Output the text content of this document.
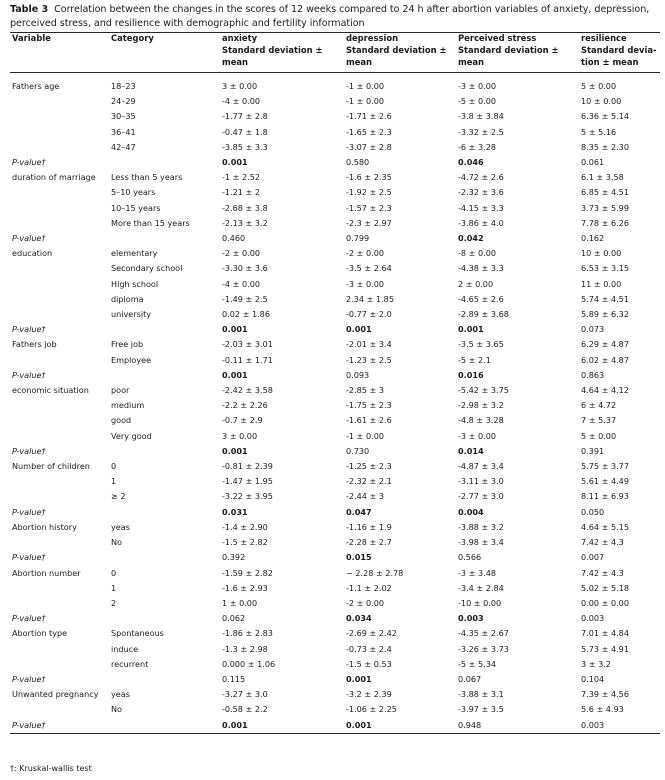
Table 3 Correlation between the changes in the scores of 12 weeks compared to 24 h after abortion variables of anxiety, depression, perceived stress, and resilience with demographic and fertility information
Variable	Category	anxiety	depression	Perceived stress	resilience
		Standard deviation ± mean	Standard deviation ± mean	Standard deviation ± mean	Standard devia-tion ± mean
Fathers age	18–23	3 ± 0.00	-1 ± 0.00	-3 ± 0.00	5 ± 0.00
	24–29	-4 ± 0.00	-1 ± 0.00	-5 ± 0.00	10 ± 0.00
	30–35	-1.77 ± 2.8	-1.71 ± 2.6	-3.8 ± 3.84	6.36 ± 5.14
	36–41	-0.47 ± 1.8	-1.65 ± 2.3	-3.32 ± 2.5	5 ± 5.16
	42–47	-3.85 ± 3.3	-3.07 ± 2.8	-6 ± 3.28	8.35 ± 2.30
P-value†		0.001	0.580	0.046	0.061
duration of marriage	Less than 5 years	-1 ± 2.52	-1.6 ± 2.35	-4.72 ± 2.6	6.1 ± 3.58
	5–10 years	-1.21 ± 2	-1.92 ± 2.5	-2.32 ± 3.6	6.85 ± 4.51
	10–15 years	-2.68 ± 3.8	-1.57 ± 2.3	-4.15 ± 3.3	3.73 ± 5.99
	More than 15 years	-2.13 ± 3.2	-2.3 ± 2.97	-3.86 ± 4.0	7.78 ± 6.26
P-value†		0.460	0.799	0.042	0.162
education	elementary	-2 ± 0.00	-2 ± 0.00	-8 ± 0.00	10 ± 0.00
	Secondary school	-3.30 ± 3.6	-3.5 ± 2.64	-4.38 ± 3.3	6.53 ± 3.15
	High school	-4 ± 0.00	-3 ± 0.00	2 ± 0.00	11 ± 0.00
	diploma	-1.49 ± 2.5	2.34 ± 1.85	-4.65 ± 2.6	5.74 ± 4.51
	university	0.02 ± 1.86	-0.77 ± 2.0	-2.89 ± 3.68	5.89 ± 6.32
P-value†		0.001	0.001	0.001	0.073
Fathers job	Free job	-2.03 ± 3.01	-2.01 ± 3.4	-3.5 ± 3.65	6.29 ± 4.87
	Employee	-0.11 ± 1.71	-1.23 ± 2.5	-5 ± 2.1	6.02 ± 4.87
P-value†		0.001	0.093	0.016	0.863
economic situation	poor	-2.42 ± 3.58	-2.85 ± 3	-5.42 ± 3.75	4.64 ± 4.12
	medium	-2.2 ± 2.26	-1.75 ± 2.3	-2.98 ± 3.2	6 ± 4.72
	good	-0.7 ± 2.9	-1.61 ± 2.6	-4.8 ± 3.28	7 ± 5.37
	Very good	3 ± 0.00	-1 ± 0.00	-3 ± 0.00	5 ± 0.00
P-value†		0.001	0.730	0.014	0.391
Number of children	0	-0.81 ± 2.39	-1.25 ± 2.3	-4.87 ± 3.4	5.75 ± 3.77
	1	-1.47 ± 1.95	-2.32 ± 2.1	-3.11 ± 3.0	5.61 ± 4.49
	≥ 2	-3.22 ± 3.95	-2.44 ± 3	-2.77 ± 3.0	8.11 ± 6.93
P-value†		0.031	0.047	0.004	0.050
Abortion history	yeas	-1.4 ± 2.90	-1.16 ± 1.9	-3.88 ± 3.2	4.64 ± 5.15
	No	-1.5 ± 2.82	-2.28 ± 2.7	-3.98 ± 3.4	7.42 ± 4.3
P-value†		0.392	0.015	0.566	0.007
Abortion number	0	-1.59 ± 2.82	− 2.28 ± 2.78	-3 ± 3.48	7.42 ± 4.3
	1	-1.6 ± 2.93	-1.1 ± 2.02	-3.4 ± 2.84	5.02 ± 5.18
	2	1 ± 0.00	-2 ± 0.00	-10 ± 0.00	0.00 ± 0.00
P-value†		0.062	0.034	0.003	0.003
Abortion type	Spontaneous	-1.86 ± 2.83	-2.69 ± 2.42	-4.35 ± 2.67	7.01 ± 4.84
	induce	-1.3 ± 2.98	-0.73 ± 2.4	-3.26 ± 3.73	5.73 ± 4.91
	recurrent	0.000 ± 1.06	-1.5 ± 0.53	-5 ± 5.34	3 ± 3.2
P-value†		0.115	0.001	0.067	0.104
Unwanted pregnancy	yeas	-3.27 ± 3.0	-3.2 ± 2.39	-3.88 ± 3.1	7.39 ± 4.56
	No	-0.58 ± 2.2	-1.06 ± 2.25	-3.97 ± 3.5	5.6 ± 4.93
P-value†		0.001	0.001	0.948	0.003
†: Kruskal-wallis test
